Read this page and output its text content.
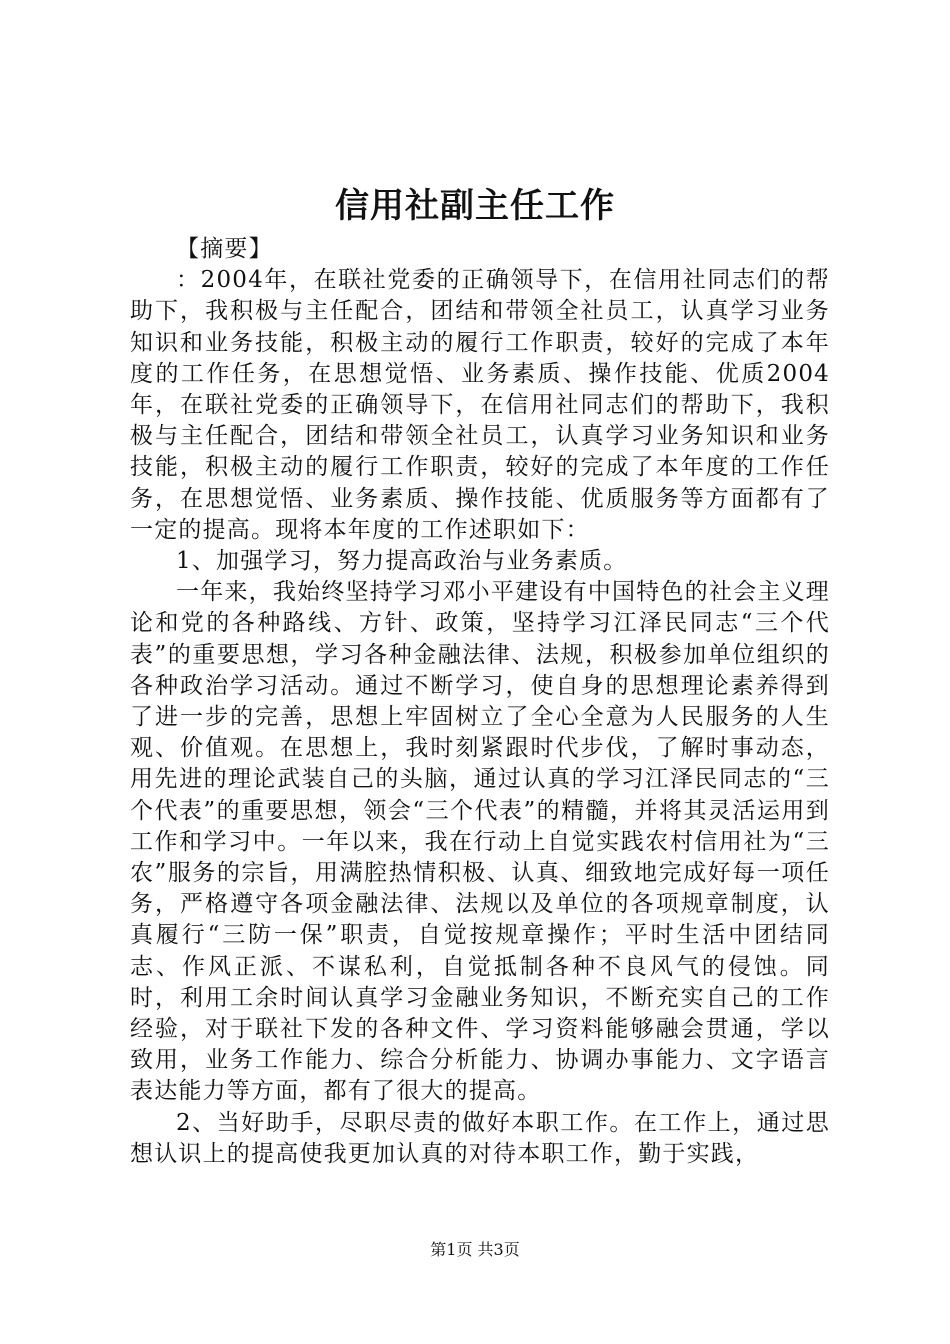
信用社副主任工作

【摘要】

：2004年，在联社党委的正确领导下，在信用社同志们的帮助下，我积极与主任配合，团结和带领全社员工，认真学习业务知识和业务技能，积极主动的履行工作职责，较好的完成了本年度的工作任务，在思想觉悟、业务素质、操作技能、优质2004年，在联社党委的正确领导下，在信用社同志们的帮助下，我积极与主任配合，团结和带领全社员工，认真学习业务知识和业务技能，积极主动的履行工作职责，较好的完成了本年度的工作任务，在思想觉悟、业务素质、操作技能、优质服务等方面都有了一定的提高。现将本年度的工作述职如下：

1、加强学习，努力提高政治与业务素质。

一年来，我始终坚持学习邓小平建设有中国特色的社会主义理论和党的各种路线、方针、政策，坚持学习江泽民同志“三个代表”的重要思想，学习各种金融法律、法规，积极参加单位组织的各种政治学习活动。通过不断学习，使自身的思想理论素养得到了进一步的完善，思想上牢固树立了全心全意为人民服务的人生观、价值观。在思想上，我时刻紧跟时代步伐，了解时事动态，用先进的理论武装自己的头脑，通过认真的学习江泽民同志的“三个代表”的重要思想，领会“三个代表”的精髓，并将其灵活运用到工作和学习中。一年以来，我在行动上自觉实践农村信用社为“三农”服务的宗旨，用满腔热情积极、认真、细致地完成好每一项任务，严格遵守各项金融法律、法规以及单位的各项规章制度，认真履行“三防一保”职责，自觉按规章操作；平时生活中团结同志、作风正派、不谋私利，自觉抵制各种不良风气的侵蚀。同时，利用工余时间认真学习金融业务知识，不断充实自己的工作经验，对于联社下发的各种文件、学习资料能够融会贯通，学以致用，业务工作能力、综合分析能力、协调办事能力、文字语言表达能力等方面，都有了很大的提高。

2、当好助手，尽职尽责的做好本职工作。在工作上，通过思想认识上的提高使我更加认真的对待本职工作，勤于实践，

第1页 共3页
